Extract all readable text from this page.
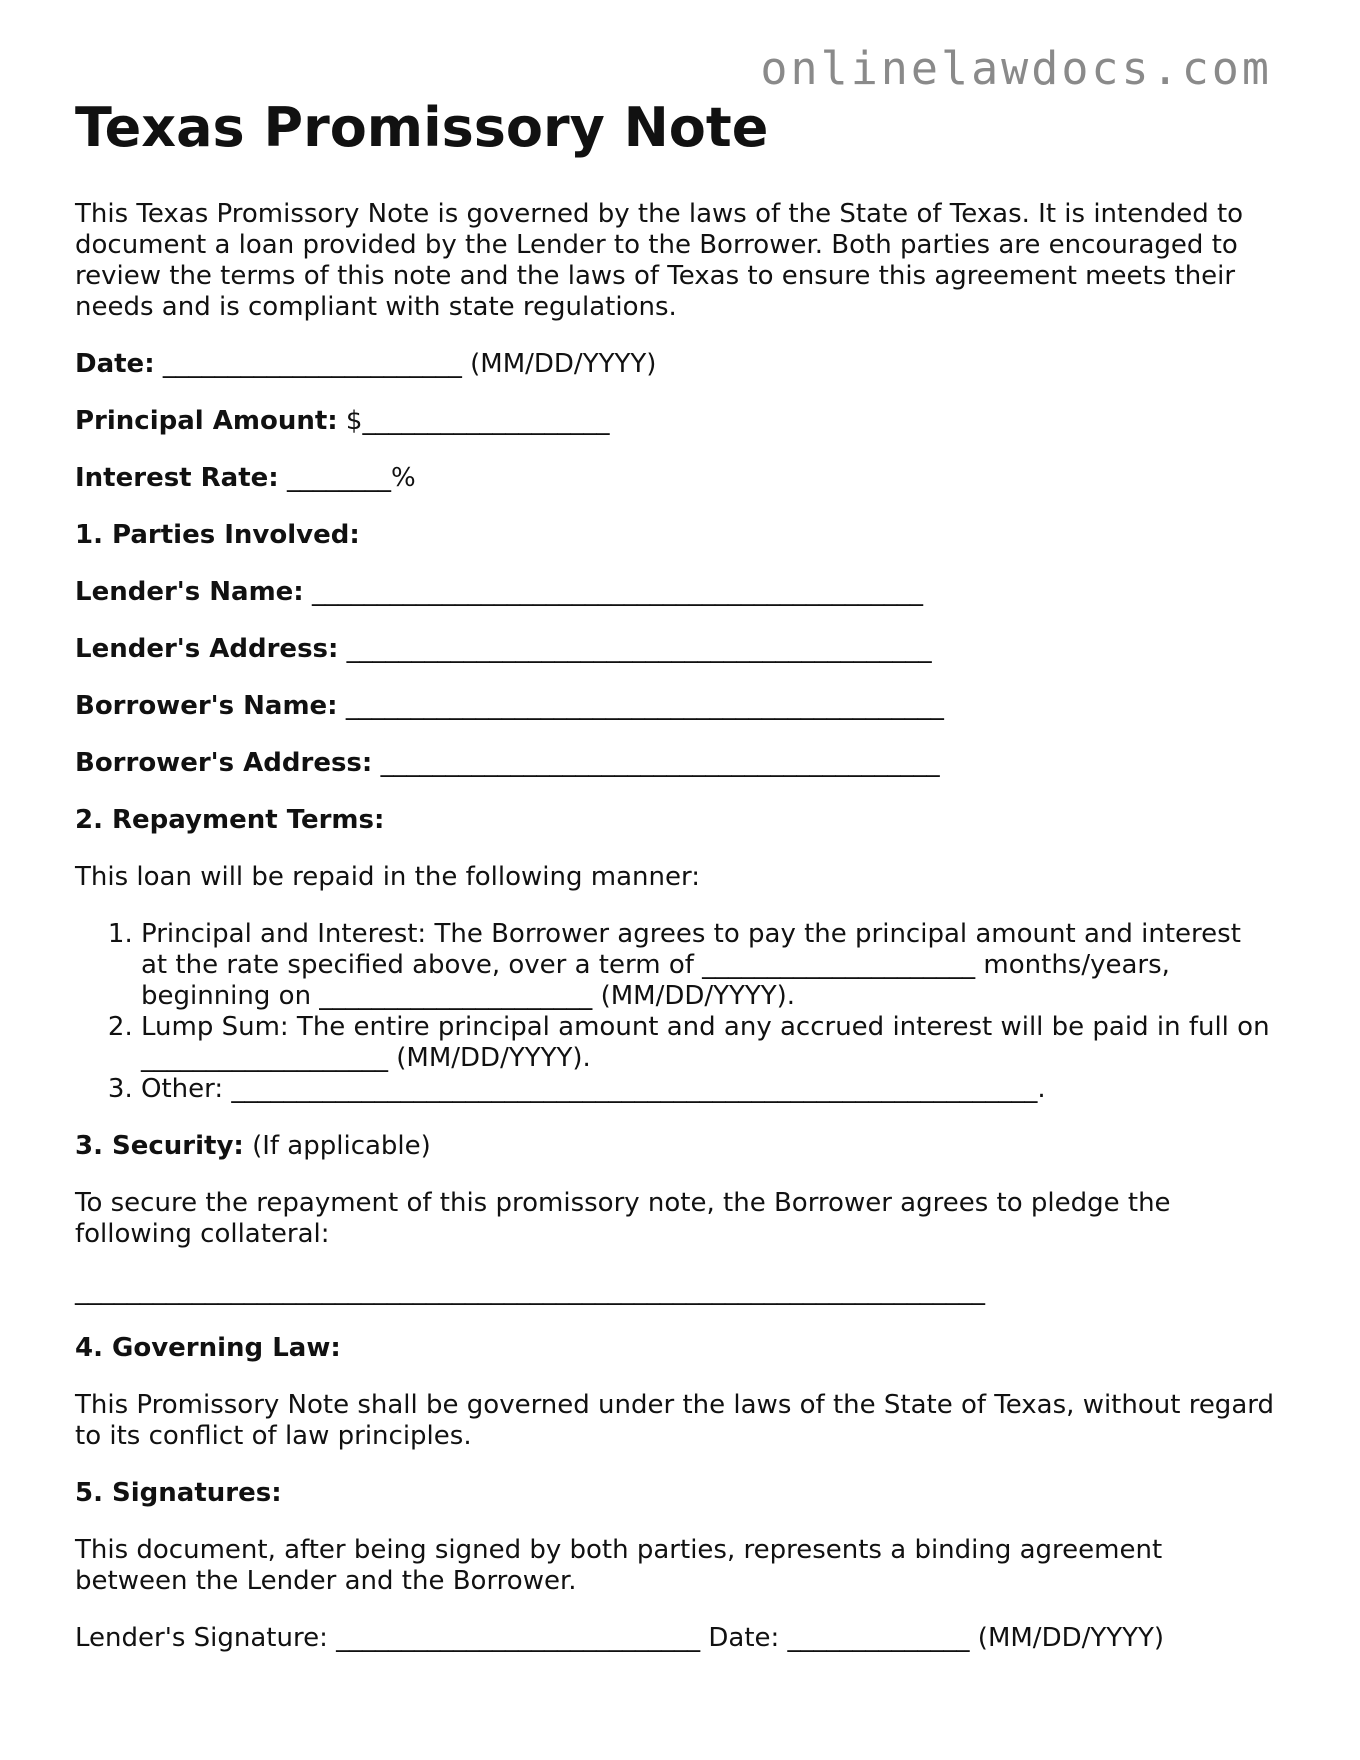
onlinelawdocs.com
Texas Promissory Note

This Texas Promissory Note is governed by the laws of the State of Texas. It is intended to document a loan provided by the Lender to the Borrower. Both parties are encouraged to review the terms of this note and the laws of Texas to ensure this agreement meets their needs and is compliant with state regulations.

Date: _______________________ (MM/DD/YYYY)

Principal Amount: $___________________

Interest Rate: ________%

1. Parties Involved:

Lender's Name: _______________________________________________

Lender's Address: _____________________________________________

Borrower's Name: ______________________________________________

Borrower's Address: ___________________________________________

2. Repayment Terms:

This loan will be repaid in the following manner:

1. Principal and Interest: The Borrower agrees to pay the principal amount and interest at the rate specified above, over a term of _____________________ months/years, beginning on _____________________ (MM/DD/YYYY).
2. Lump Sum: The entire principal amount and any accrued interest will be paid in full on ___________________ (MM/DD/YYYY).
3. Other: ______________________________________________________________.

3. Security: (If applicable)

To secure the repayment of this promissory note, the Borrower agrees to pledge the following collateral:

______________________________________________________________________

4. Governing Law:

This Promissory Note shall be governed under the laws of the State of Texas, without regard to its conflict of law principles.

5. Signatures:

This document, after being signed by both parties, represents a binding agreement between the Lender and the Borrower.

Lender's Signature: ____________________________ Date: ______________ (MM/DD/YYYY)
